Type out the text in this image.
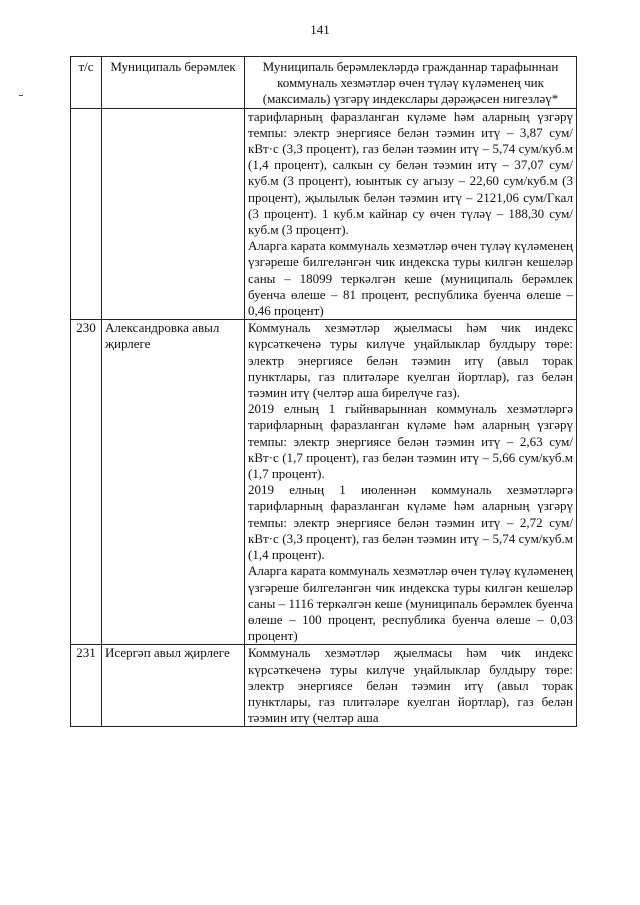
141
т/с	Муниципаль берәмлек	Муниципаль берәмлекләрдә гражданнар тарафыннан коммуналь хезмәтләр өчен түләү күләменең чик (максималь) үзгәрү индекслары дәрәҗәсен нигезләү*

		тарифларның фаразланган күләме һәм аларның үзгәрү темпы: электр энергиясе белән тәэмин итү – 3,87 сум/кВт·с (3,3 процент), газ белән тәэмин итү – 5,74 сум/куб.м (1,4 процент), салкын су белән тәэмин итү – 37,07 сум/куб.м (3 процент), юынтык су агызу – 22,60 сум/куб.м (3 процент), җылылык белән тәэмин итү – 2121,06 сум/Гкал (3 процент). 1 куб.м кайнар су өчен түләү – 188,30 сум/куб.м (3 процент).

Аларга карата коммуналь хезмәтләр өчен түләү күләменең үзгәреше билгеләнгән чик индекска туры килгән кешеләр саны – 18099 теркәлгән кеше (муниципаль берәмлек буенча өлеше – 81 процент, республика буенча өлеше – 0,46 процент)

230	Александровка авыл җирлеге	Коммуналь хезмәтләр җыелмасы һәм чик индекс күрсәткеченә туры килүче уңайлыклар булдыру төре: электр энергиясе белән тәэмин итү (авыл торак пунктлары, газ плитәләре куелган йортлар), газ белән тәэмин итү (челтәр аша бирелүче газ).

2019 елның 1 гыйнварыннан коммуналь хезмәтләргә тарифларның фаразланган күләме һәм аларның үзгәрү темпы: электр энергиясе белән тәэмин итү – 2,63 сум/кВт·с (1,7 процент), газ белән тәэмин итү – 5,66 сум/куб.м (1,7 процент).

2019 елның 1 июленнән коммуналь хезмәтләргә тарифларның фаразланган күләме һәм аларның үзгәрү темпы: электр энергиясе белән тәэмин итү – 2,72 сум/кВт·с (3,3 процент), газ белән тәэмин итү – 5,74 сум/куб.м (1,4 процент).

Аларга карата коммуналь хезмәтләр өчен түләү күләменең үзгәреше билгеләнгән чик индекска туры килгән кешеләр саны – 1116 теркәлгән кеше (муниципаль берәмлек буенча өлеше – 100 процент, республика буенча өлеше – 0,03 процент)

231	Исергәп авыл җирлеге	Коммуналь хезмәтләр җыелмасы һәм чик индекс күрсәткеченә туры килүче уңайлыклар булдыру төре: электр энергиясе белән тәэмин итү (авыл торак пунктлары, газ плитәләре куелган йортлар), газ белән тәэмин итү (челтәр аша
